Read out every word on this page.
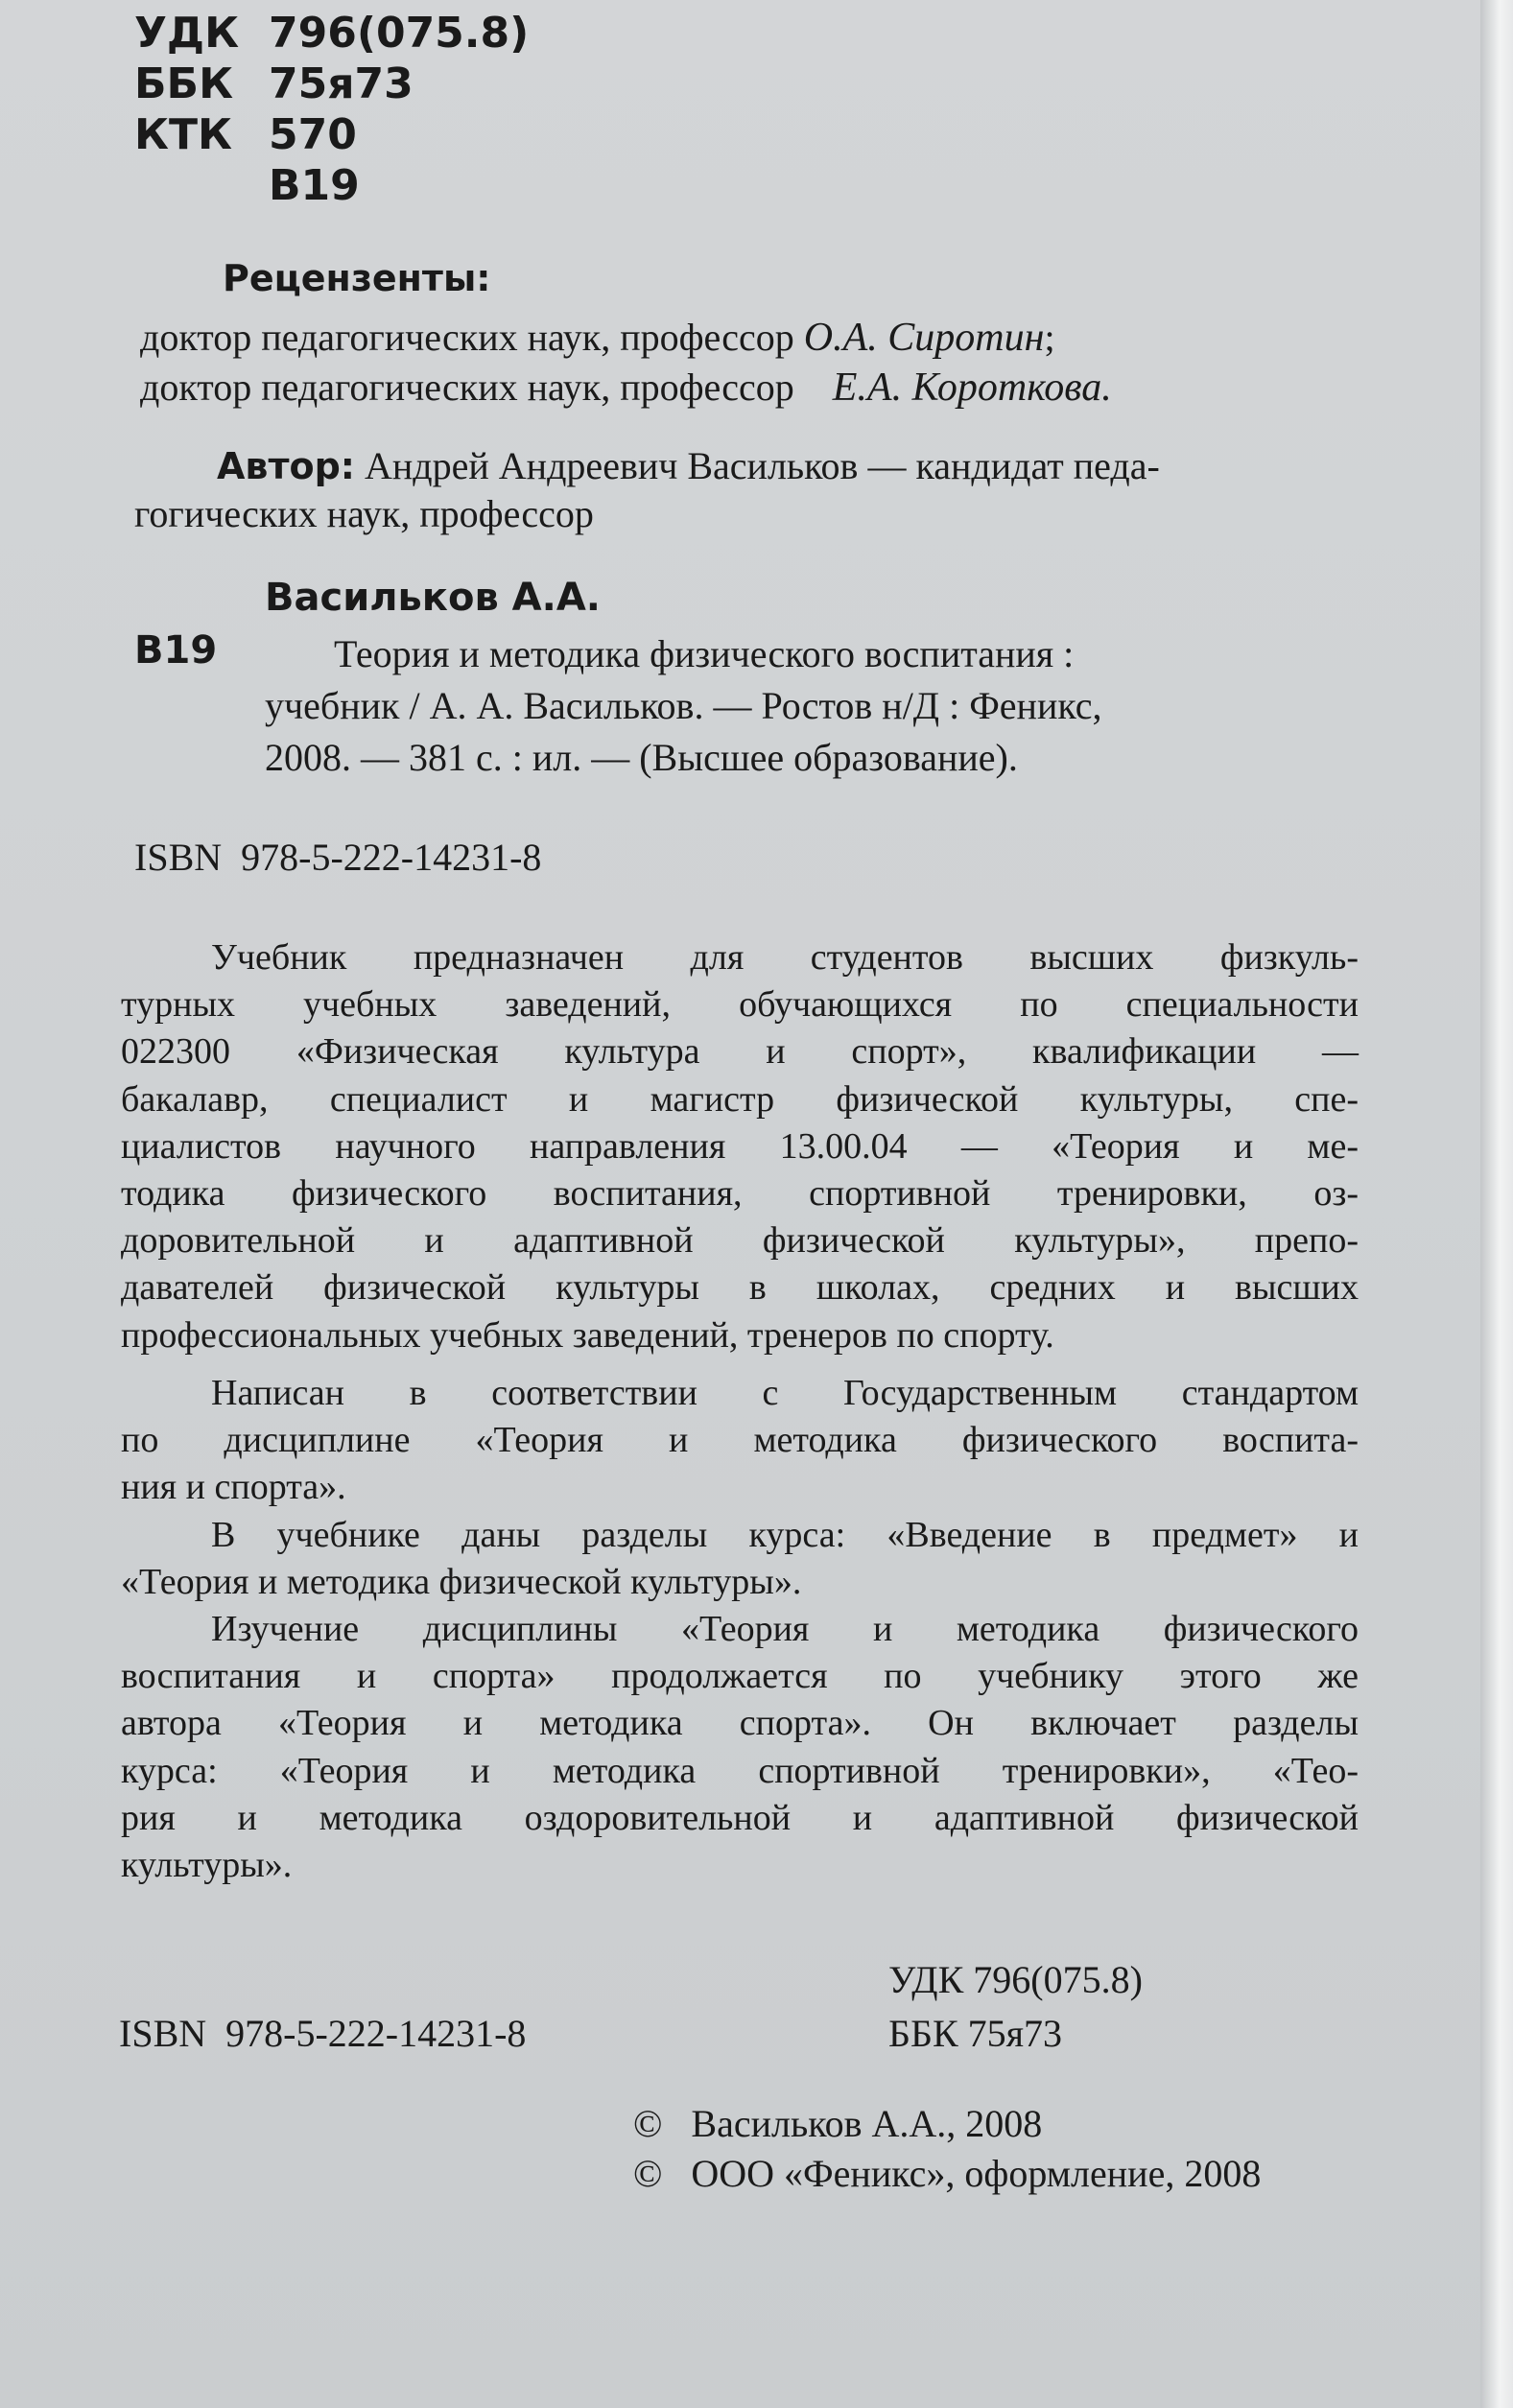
УДК 796(075.8)
ББК 75я73
КТК 570
В19
Рецензенты:
доктор педагогических наук, профессор О.А. Сиротин;
доктор педагогических наук, профессор Е.А. Короткова.
Автор: Андрей Андреевич Васильков — кандидат педа-
гогических наук, профессор
Васильков А.А.
В19	Теория и методика физического воспитания :
учебник / А. А. Васильков. — Ростов н/Д : Феникс,
2008. — 381 с. : ил. — (Высшее образование).
ISBN 978-5-222-14231-8
Учебник предназначен для студентов высших физкуль-
турных учебных заведений, обучающихся по специальности
022300 «Физическая культура и спорт», квалификации —
бакалавр, специалист и магистр физической культуры, спе-
циалистов научного направления 13.00.04 — «Теория и ме-
тодика физического воспитания, спортивной тренировки, оз-
доровительной и адаптивной физической культуры», препо-
давателей физической культуры в школах, средних и высших
профессиональных учебных заведений, тренеров по спорту.
Написан в соответствии с Государственным стандартом
по дисциплине «Теория и методика физического воспита-
ния и спорта».
В учебнике даны разделы курса: «Введение в предмет» и
«Теория и методика физической культуры».
Изучение дисциплины «Теория и методика физического
воспитания и спорта» продолжается по учебнику этого же
автора «Теория и методика спорта». Он включает разделы
курса: «Теория и методика спортивной тренировки», «Тео-
рия и методика оздоровительной и адаптивной физической
культуры».
УДК 796(075.8)
ISBN 978-5-222-14231-8	ББК 75я73
© Васильков А.А., 2008
© ООО «Феникс», оформление, 2008
